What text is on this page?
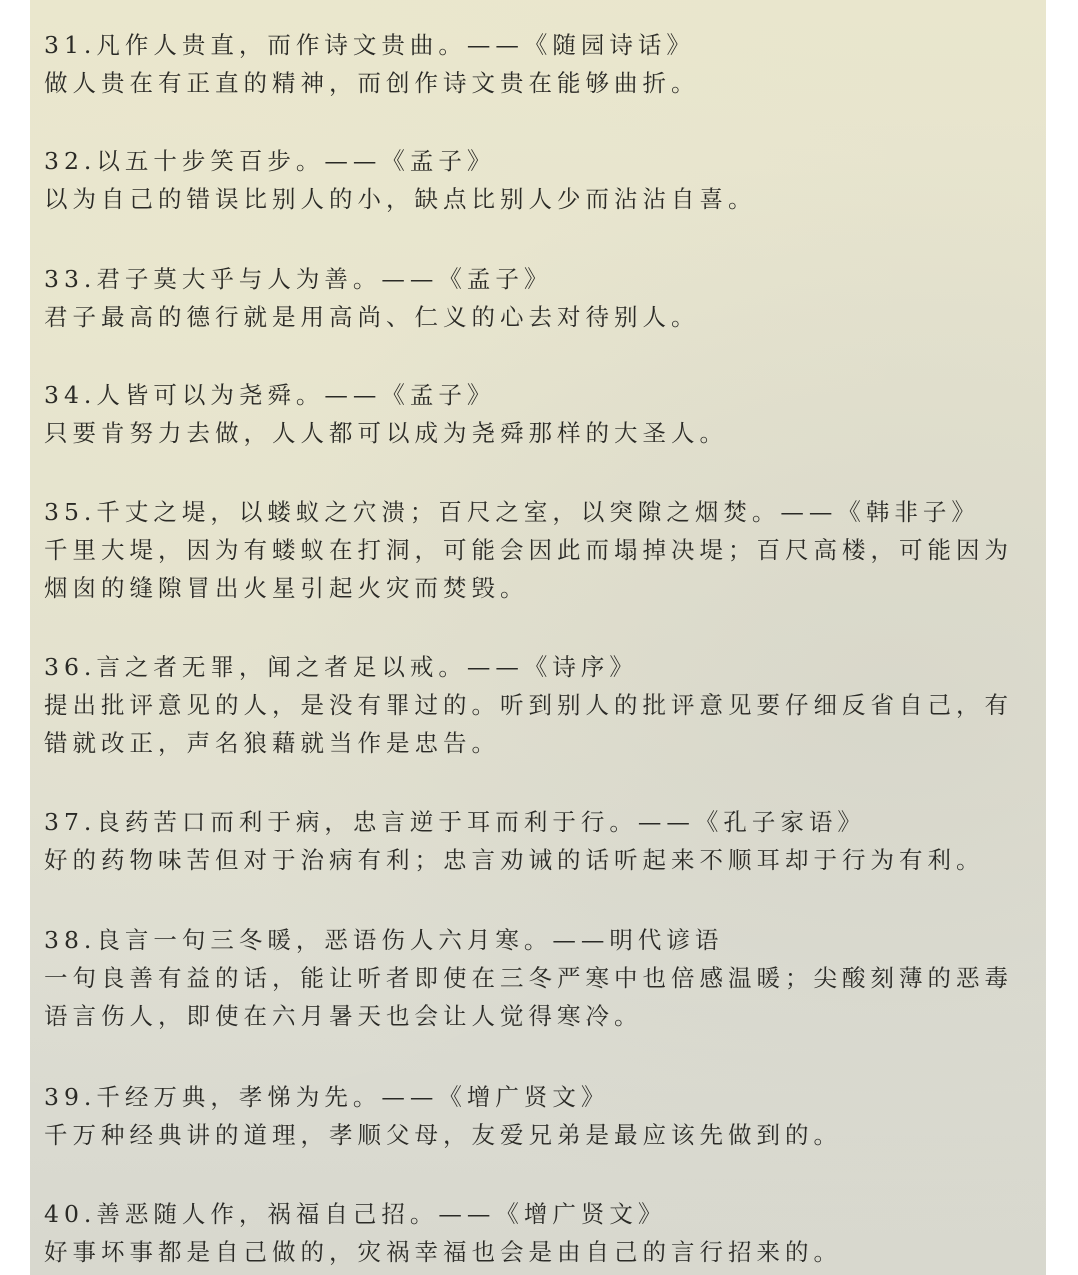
31.凡作人贵直，而作诗文贵曲。——《随园诗话》
做人贵在有正直的精神，而创作诗文贵在能够曲折。
32.以五十步笑百步。——《孟子》
以为自己的错误比别人的小，缺点比别人少而沾沾自喜。
33.君子莫大乎与人为善。——《孟子》
君子最高的德行就是用高尚、仁义的心去对待别人。
34.人皆可以为尧舜。——《孟子》
只要肯努力去做，人人都可以成为尧舜那样的大圣人。
35.千丈之堤，以蝼蚁之穴溃；百尺之室，以突隙之烟焚。——《韩非子》
千里大堤，因为有蝼蚁在打洞，可能会因此而塌掉决堤；百尺高楼，可能因为烟囱的缝隙冒出火星引起火灾而焚毁。
36.言之者无罪，闻之者足以戒。——《诗序》
提出批评意见的人，是没有罪过的。听到别人的批评意见要仔细反省自己，有错就改正，声名狼藉就当作是忠告。
37.良药苦口而利于病，忠言逆于耳而利于行。——《孔子家语》
好的药物味苦但对于治病有利；忠言劝诫的话听起来不顺耳却于行为有利。
38.良言一句三冬暖，恶语伤人六月寒。——明代谚语
一句良善有益的话，能让听者即使在三冬严寒中也倍感温暖；尖酸刻薄的恶毒语言伤人，即使在六月暑天也会让人觉得寒冷。
39.千经万典，孝悌为先。——《增广贤文》
千万种经典讲的道理，孝顺父母，友爱兄弟是最应该先做到的。
40.善恶随人作，祸福自己招。——《增广贤文》
好事坏事都是自己做的，灾祸幸福也会是由自己的言行招来的。
